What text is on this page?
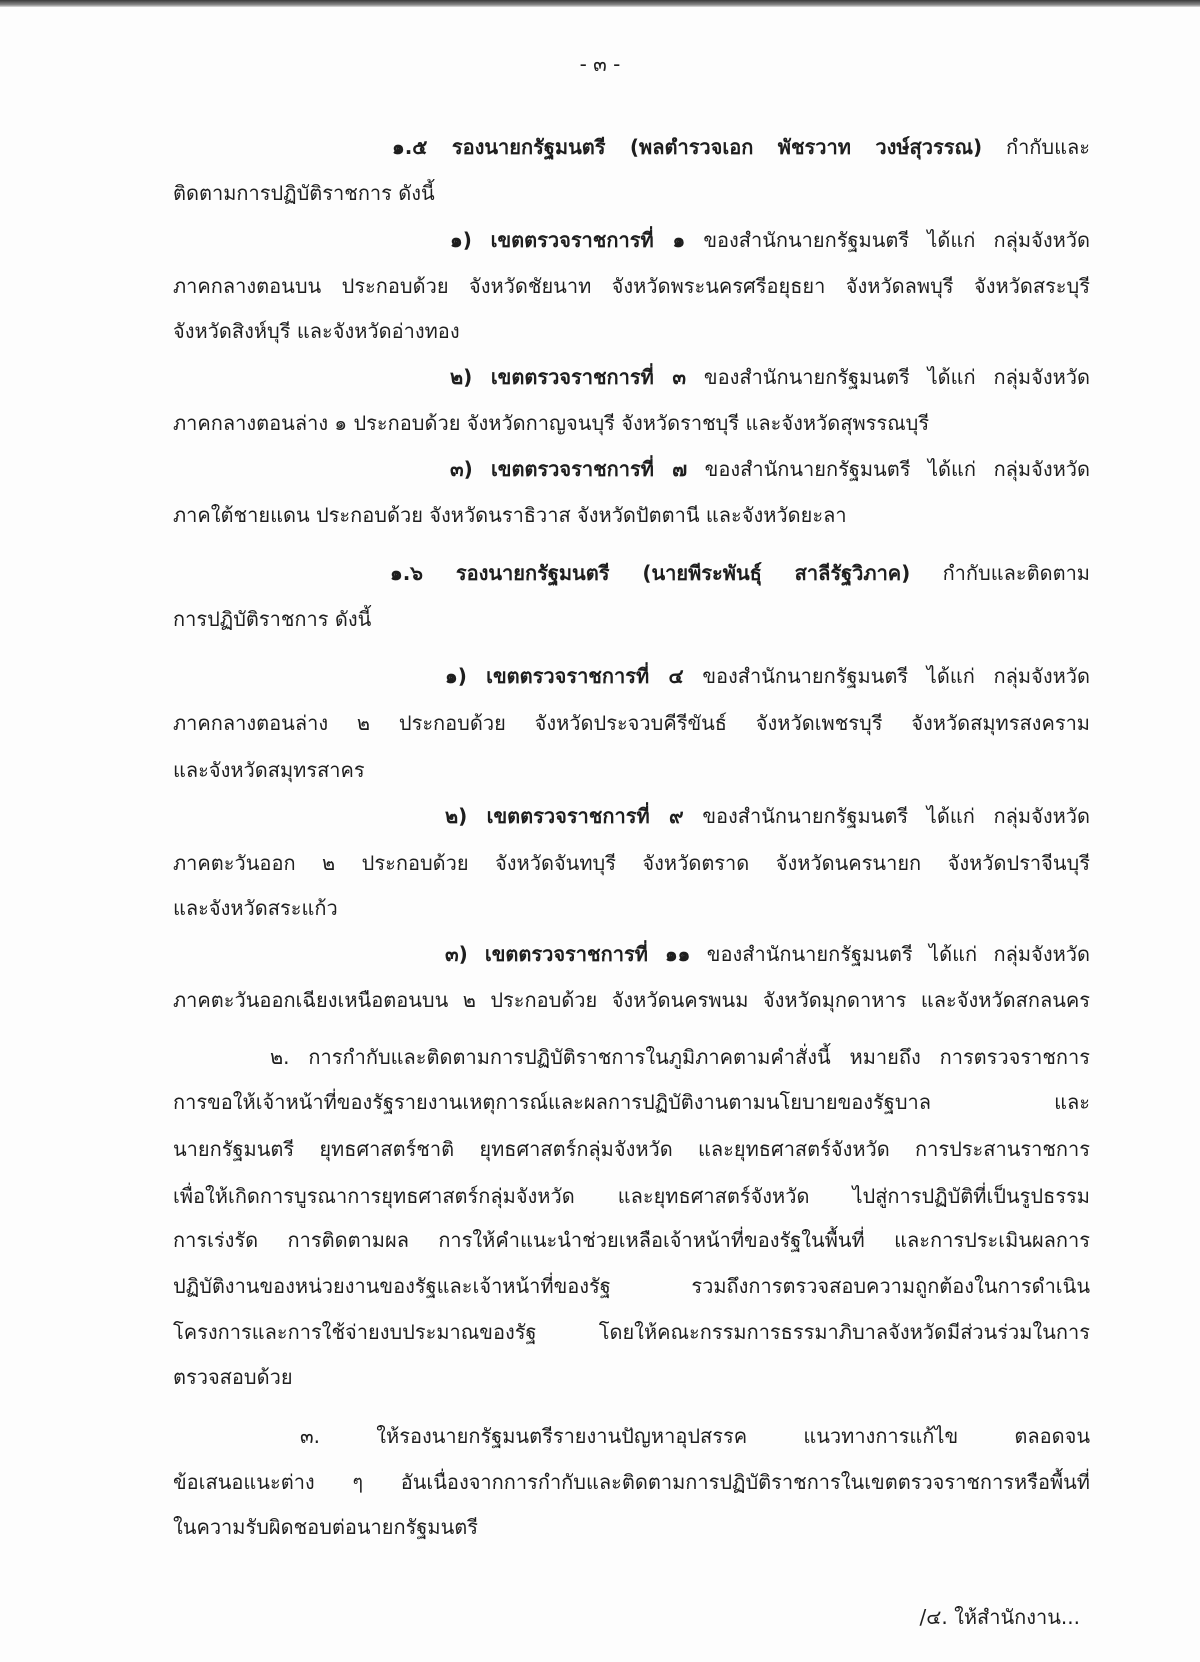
- ๓ -
/๔. ให้สำนักงาน...
๑.๕ รองนายกรัฐมนตรี (พลตำรวจเอก พัชรวาท วงษ์สุวรรณ) กำกับและ
ติดตามการปฏิบัติราชการ ดังนี้
๑) เขตตรวจราชการที่ ๑ ของสำนักนายกรัฐมนตรี ได้แก่ กลุ่มจังหวัด
ภาคกลางตอนบน ประกอบด้วย จังหวัดชัยนาท จังหวัดพระนครศรีอยุธยา จังหวัดลพบุรี จังหวัดสระบุรี
จังหวัดสิงห์บุรี และจังหวัดอ่างทอง
๒) เขตตรวจราชการที่ ๓ ของสำนักนายกรัฐมนตรี ได้แก่ กลุ่มจังหวัด
ภาคกลางตอนล่าง ๑ ประกอบด้วย จังหวัดกาญจนบุรี จังหวัดราชบุรี และจังหวัดสุพรรณบุรี
๓) เขตตรวจราชการที่ ๗ ของสำนักนายกรัฐมนตรี ได้แก่ กลุ่มจังหวัด
ภาคใต้ชายแดน ประกอบด้วย จังหวัดนราธิวาส จังหวัดปัตตานี และจังหวัดยะลา
๑.๖ รองนายกรัฐมนตรี (นายพีระพันธุ์ สาลีรัฐวิภาค) กำกับและติดตาม
การปฏิบัติราชการ ดังนี้
๑) เขตตรวจราชการที่ ๔ ของสำนักนายกรัฐมนตรี ได้แก่ กลุ่มจังหวัด
ภาคกลางตอนล่าง ๒ ประกอบด้วย จังหวัดประจวบคีรีขันธ์ จังหวัดเพชรบุรี จังหวัดสมุทรสงคราม
และจังหวัดสมุทรสาคร
๒) เขตตรวจราชการที่ ๙ ของสำนักนายกรัฐมนตรี ได้แก่ กลุ่มจังหวัด
ภาคตะวันออก ๒ ประกอบด้วย จังหวัดจันทบุรี จังหวัดตราด จังหวัดนครนายก จังหวัดปราจีนบุรี
และจังหวัดสระแก้ว
๓) เขตตรวจราชการที่ ๑๑ ของสำนักนายกรัฐมนตรี ได้แก่ กลุ่มจังหวัด
ภาคตะวันออกเฉียงเหนือตอนบน ๒ ประกอบด้วย จังหวัดนครพนม จังหวัดมุกดาหาร และจังหวัดสกลนคร
๒. การกำกับและติดตามการปฏิบัติราชการในภูมิภาคตามคำสั่งนี้ หมายถึง การตรวจราชการ
การขอให้เจ้าหน้าที่ของรัฐรายงานเหตุการณ์และผลการปฏิบัติงานตามนโยบายของรัฐบาล และ
นายกรัฐมนตรี ยุทธศาสตร์ชาติ ยุทธศาสตร์กลุ่มจังหวัด และยุทธศาสตร์จังหวัด การประสานราชการ
เพื่อให้เกิดการบูรณาการยุทธศาสตร์กลุ่มจังหวัด และยุทธศาสตร์จังหวัด ไปสู่การปฏิบัติที่เป็นรูปธรรม
การเร่งรัด การติดตามผล การให้คำแนะนำช่วยเหลือเจ้าหน้าที่ของรัฐในพื้นที่ และการประเมินผลการ
ปฏิบัติงานของหน่วยงานของรัฐและเจ้าหน้าที่ของรัฐ รวมถึงการตรวจสอบความถูกต้องในการดำเนิน
โครงการและการใช้จ่ายงบประมาณของรัฐ โดยให้คณะกรรมการธรรมาภิบาลจังหวัดมีส่วนร่วมในการ
ตรวจสอบด้วย
๓. ให้รองนายกรัฐมนตรีรายงานปัญหาอุปสรรค แนวทางการแก้ไข ตลอดจน
ข้อเสนอแนะต่าง ๆ อันเนื่องจากการกำกับและติดตามการปฏิบัติราชการในเขตตรวจราชการหรือพื้นที่
ในความรับผิดชอบต่อนายกรัฐมนตรี
